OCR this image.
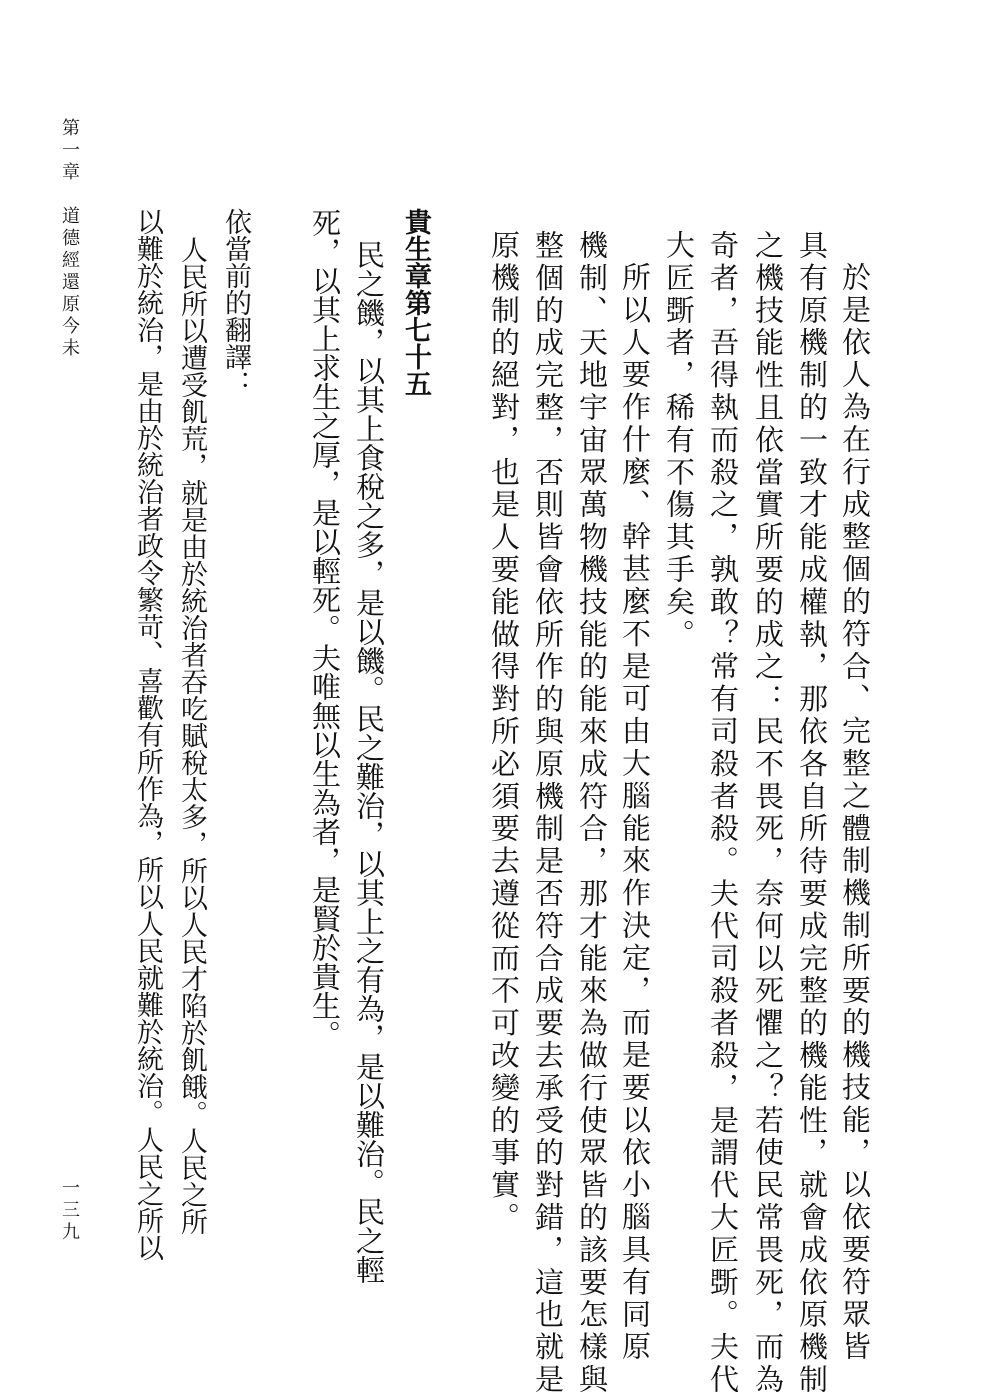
第一章　道德經還原今未
一三九	於是依人為在行成整個的符合、完整之體制機制所要的機技能，以依要符眾皆
具有原機制的一致才能成權執，那依各自所待要成完整的機能性，就會成依原機制
之機技能性且依當實所要的成之：民不畏死，奈何以死懼之？若使民常畏死，而為
奇者，吾得執而殺之，孰敢？常有司殺者殺。夫代司殺者殺，是謂代大匠斲。夫代
大匠斲者，稀有不傷其手矣。
所以人要作什麼、幹甚麼不是可由大腦能來作決定，而是要以依小腦具有同原
機制、天地宇宙眾萬物機技能的能來成符合，那才能來為做行使眾皆的該要怎樣與
整個的成完整，否則皆會依所作的與原機制是否符合成要去承受的對錯，這也就是
原機制的絕對，也是人要能做得對所必須要去遵從而不可改變的事實。
貴生章第七十五
民之饑，以其上食稅之多，是以饑。民之難治，以其上之有為，是以難治。民之輕
死，以其上求生之厚，是以輕死。夫唯無以生為者，是賢於貴生。
依當前的翻譯：
人民所以遭受飢荒，就是由於統治者吞吃賦稅太多，所以人民才陷於飢餓。人民之所
以難於統治，是由於統治者政令繁苛、喜歡有所作為，所以人民就難於統治。人民之所以
